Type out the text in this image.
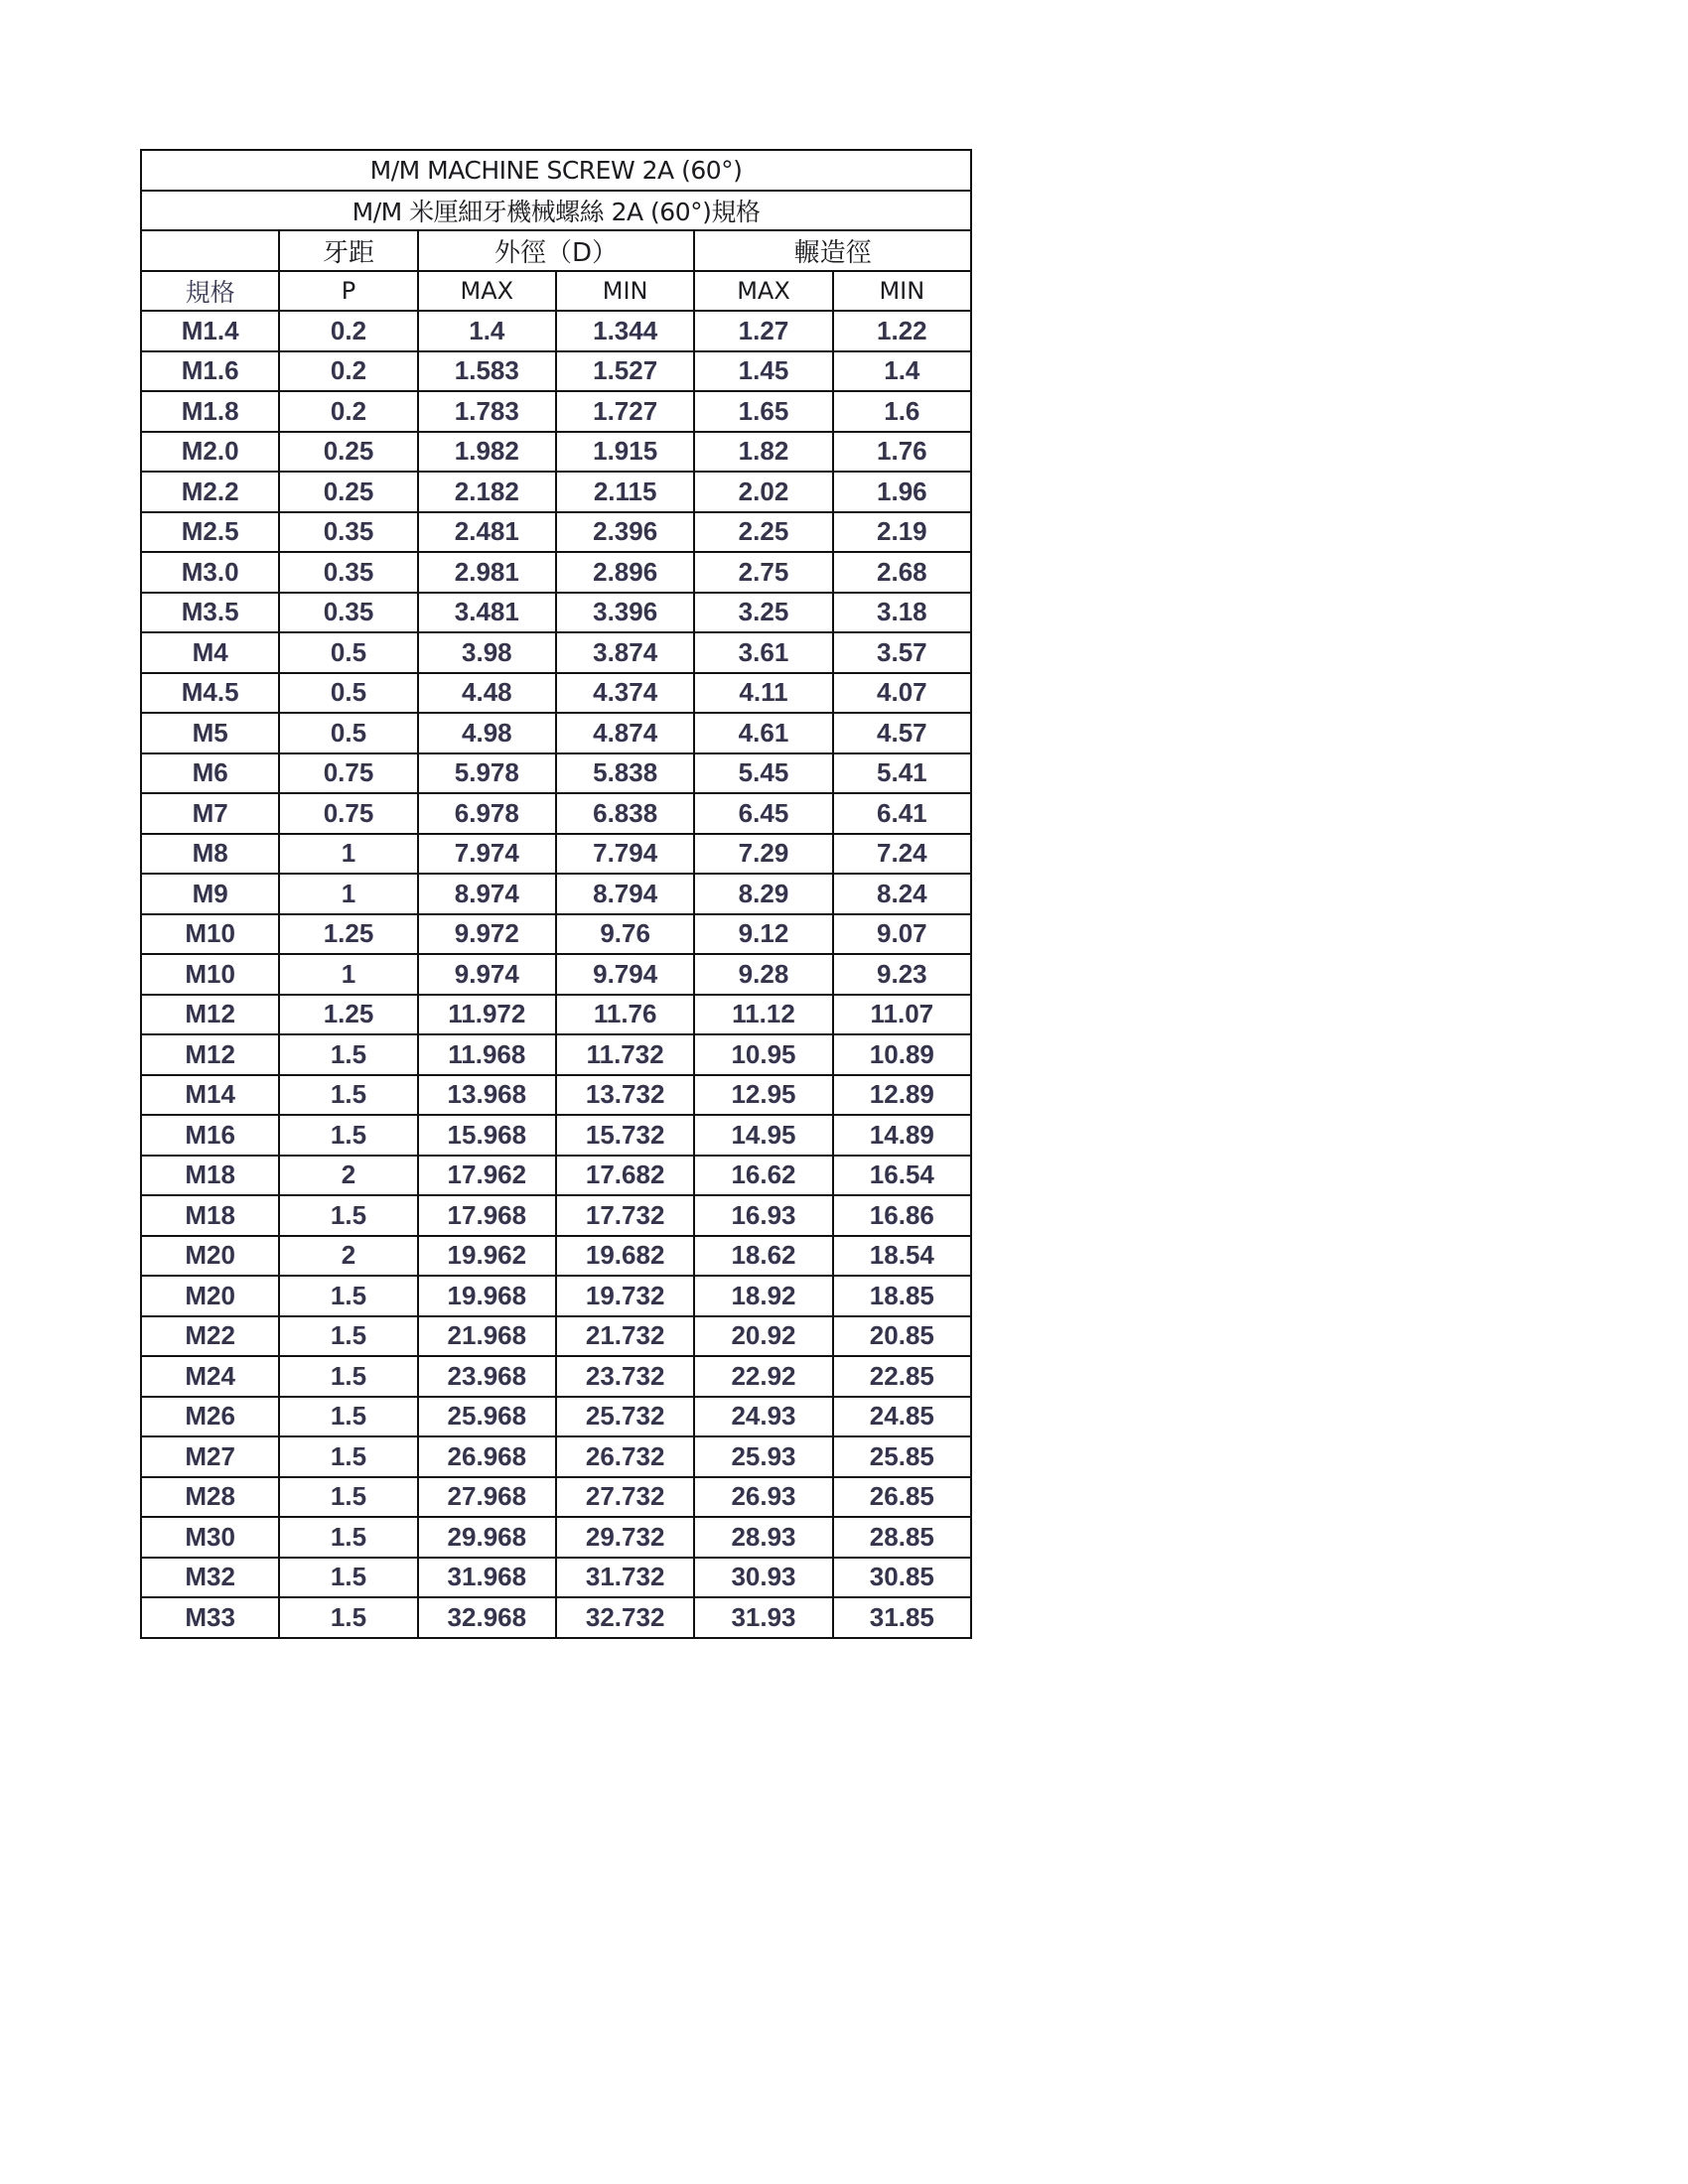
M/M MACHINE SCREW 2A (60°)					
M/M 米厘細牙機械螺絲 2A (60°)規格					
	牙距	外徑（D）		輾造徑	
規格	P	MAX	MIN	MAX	MIN
M1.4	0.2	1.4	1.344	1.27	1.22
M1.6	0.2	1.583	1.527	1.45	1.4
M1.8	0.2	1.783	1.727	1.65	1.6
M2.0	0.25	1.982	1.915	1.82	1.76
M2.2	0.25	2.182	2.115	2.02	1.96
M2.5	0.35	2.481	2.396	2.25	2.19
M3.0	0.35	2.981	2.896	2.75	2.68
M3.5	0.35	3.481	3.396	3.25	3.18
M4	0.5	3.98	3.874	3.61	3.57
M4.5	0.5	4.48	4.374	4.11	4.07
M5	0.5	4.98	4.874	4.61	4.57
M6	0.75	5.978	5.838	5.45	5.41
M7	0.75	6.978	6.838	6.45	6.41
M8	1	7.974	7.794	7.29	7.24
M9	1	8.974	8.794	8.29	8.24
M10	1.25	9.972	9.76	9.12	9.07
M10	1	9.974	9.794	9.28	9.23
M12	1.25	11.972	11.76	11.12	11.07
M12	1.5	11.968	11.732	10.95	10.89
M14	1.5	13.968	13.732	12.95	12.89
M16	1.5	15.968	15.732	14.95	14.89
M18	2	17.962	17.682	16.62	16.54
M18	1.5	17.968	17.732	16.93	16.86
M20	2	19.962	19.682	18.62	18.54
M20	1.5	19.968	19.732	18.92	18.85
M22	1.5	21.968	21.732	20.92	20.85
M24	1.5	23.968	23.732	22.92	22.85
M26	1.5	25.968	25.732	24.93	24.85
M27	1.5	26.968	26.732	25.93	25.85
M28	1.5	27.968	27.732	26.93	26.85
M30	1.5	29.968	29.732	28.93	28.85
M32	1.5	31.968	31.732	30.93	30.85
M33	1.5	32.968	32.732	31.93	31.85
